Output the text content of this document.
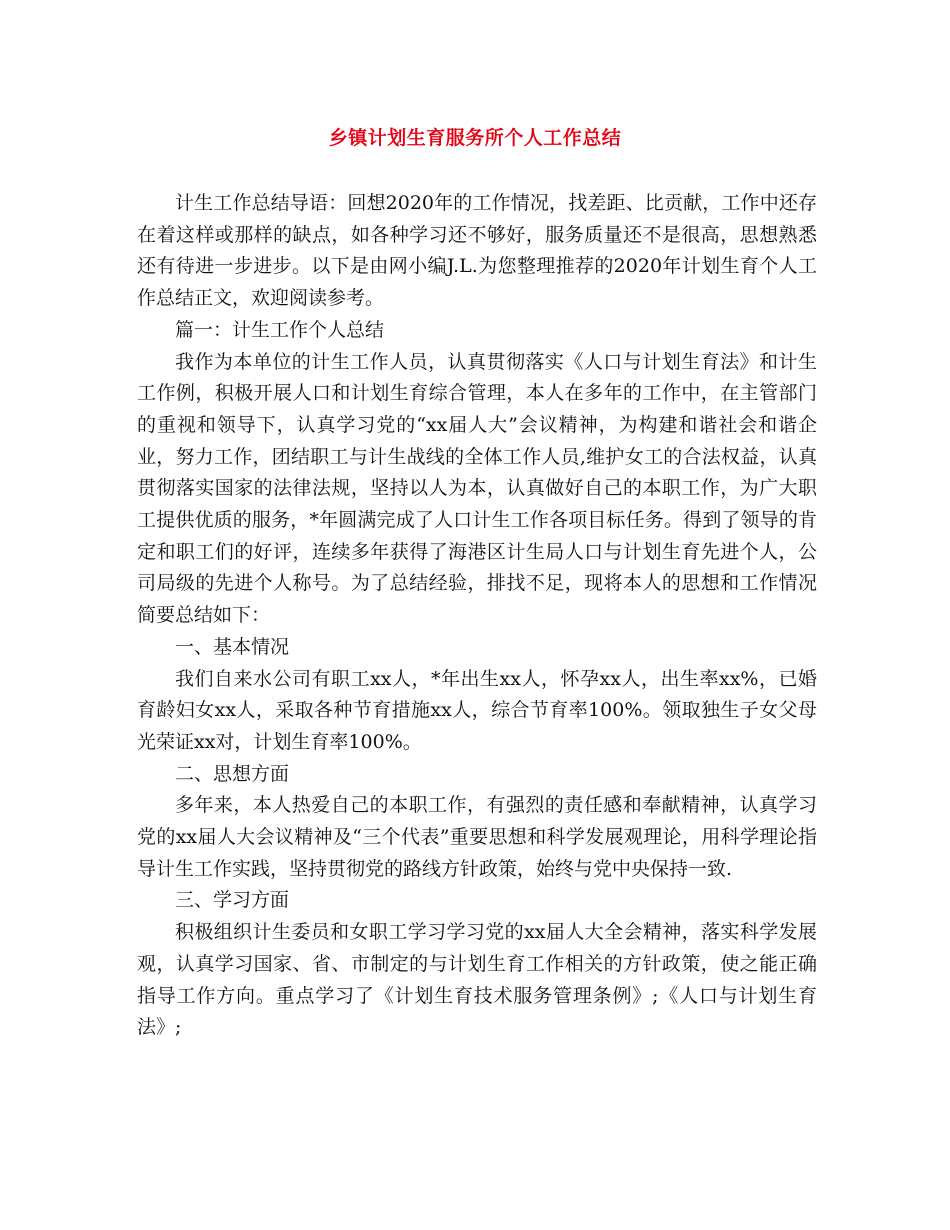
乡镇计划生育服务所个人工作总结

计生工作总结导语：回想2020年的工作情况，找差距、比贡献，工作中还存在着这样或那样的缺点，如各种学习还不够好，服务质量还不是很高，思想熟悉还有待进一步进步。以下是由网小编J.L.为您整理推荐的2020年计划生育个人工作总结正文，欢迎阅读参考。

篇一：计生工作个人总结

我作为本单位的计生工作人员，认真贯彻落实《人口与计划生育法》和计生工作例，积极开展人口和计划生育综合管理，本人在多年的工作中，在主管部门的重视和领导下，认真学习党的“xx届人大”会议精神，为构建和谐社会和谐企业，努力工作，团结职工与计生战线的全体工作人员,维护女工的合法权益，认真贯彻落实国家的法律法规，坚持以人为本，认真做好自己的本职工作，为广大职工提供优质的服务，*年圆满完成了人口计生工作各项目标任务。得到了领导的肯定和职工们的好评，连续多年获得了海港区计生局人口与计划生育先进个人，公司局级的先进个人称号。为了总结经验，排找不足，现将本人的思想和工作情况简要总结如下：

一、基本情况

我们自来水公司有职工xx人，*年出生xx人，怀孕xx人，出生率xx%，已婚育龄妇女xx人，采取各种节育措施xx人，综合节育率100%。领取独生子女父母光荣证xx对，计划生育率100%。

二、思想方面

多年来，本人热爱自己的本职工作，有强烈的责任感和奉献精神，认真学习党的xx届人大会议精神及“三个代表”重要思想和科学发展观理论，用科学理论指导计生工作实践，坚持贯彻党的路线方针政策，始终与党中央保持一致.

三、学习方面

积极组织计生委员和女职工学习学习党的xx届人大全会精神，落实科学发展观，认真学习国家、省、市制定的与计划生育工作相关的方针政策，使之能正确指导工作方向。重点学习了《计划生育技术服务管理条例》;《人口与计划生育法》;
